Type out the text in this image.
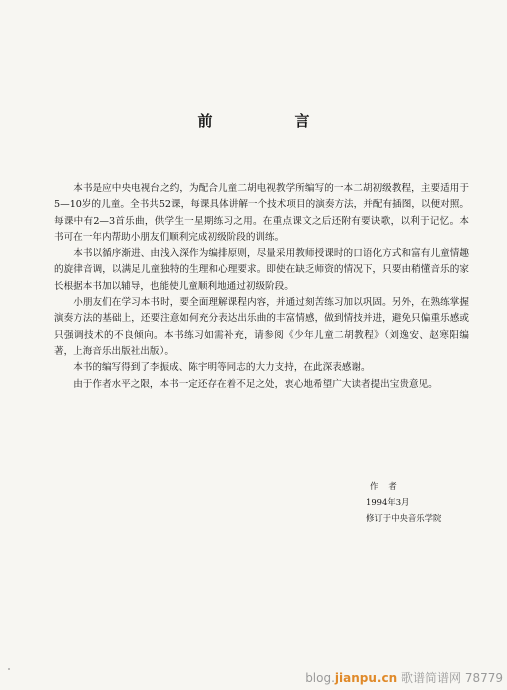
前	言

本书是应中央电视台之约，为配合儿童二胡电视教学所编写的一本二胡初级教程，主要适用于5—10岁的儿童。全书共52课，每课具体讲解一个技术项目的演奏方法，并配有插图，以便对照。每课中有2—3首乐曲，供学生一星期练习之用。在重点课文之后还附有要诀歌，以利于记忆。本书可在一年内帮助小朋友们顺利完成初级阶段的训练。

本书以循序渐进、由浅入深作为编排原则，尽量采用教师授课时的口语化方式和富有儿童情趣的旋律音调，以满足儿童独特的生理和心理要求。即使在缺乏师资的情况下，只要由稍懂音乐的家长根据本书加以辅导，也能使儿童顺利地通过初级阶段。

小朋友们在学习本书时，要全面理解课程内容，并通过刻苦练习加以巩固。另外，在熟练掌握演奏方法的基础上，还要注意如何充分表达出乐曲的丰富情感，做到情技并进，避免只偏重乐感或只强调技术的不良倾向。本书练习如需补充，请参阅《少年儿童二胡教程》（刘逸安、赵寒阳编著，上海音乐出版社出版）。

本书的编写得到了李振成、陈宇明等同志的大力支持，在此深表感谢。

由于作者水平之限，本书一定还存在着不足之处，衷心地希望广大读者提出宝贵意见。

作者
1994年3月
修订于中央音乐学院
blog.jianpu.cn 歌谱简谱网 78779
